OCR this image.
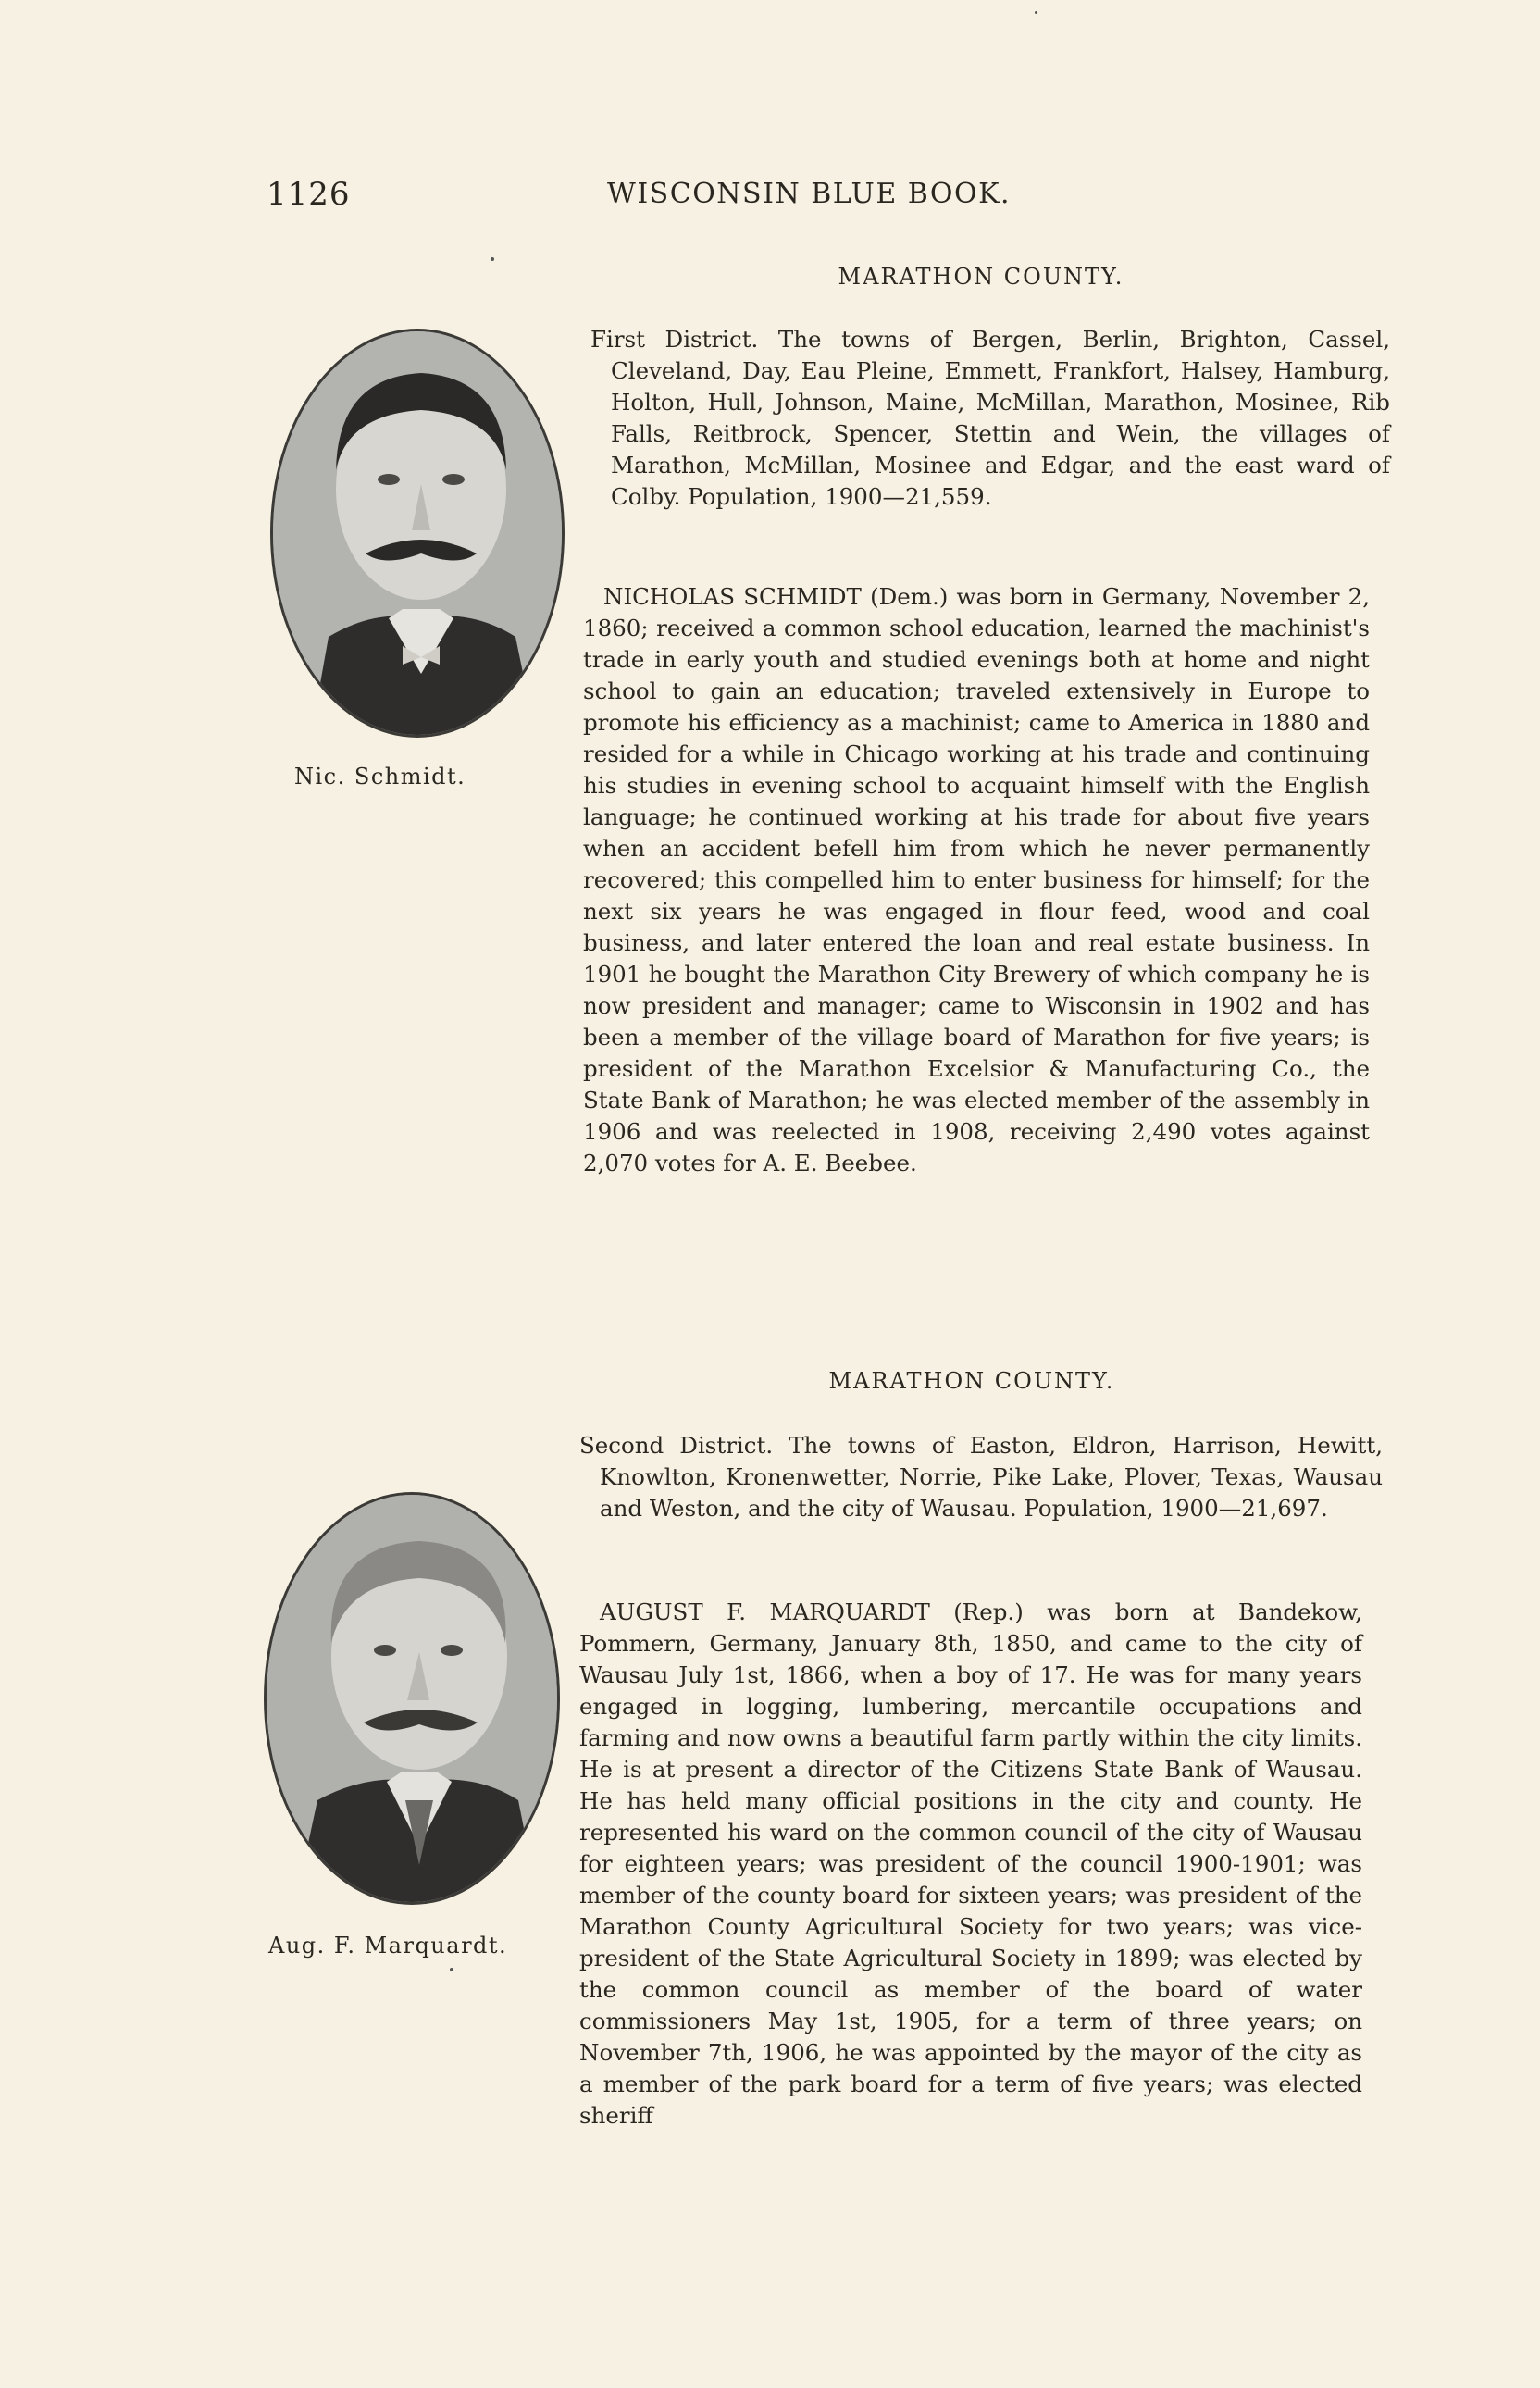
1126	WISCONSIN BLUE BOOK.
MARATHON COUNTY.
Nic. Schmidt.

First District. The towns of Bergen, Berlin, Brighton, Cassel, Cleveland, Day, Eau Pleine, Emmett, Frankfort, Halsey, Hamburg, Holton, Hull, Johnson, Maine, McMillan, Marathon, Mosinee, Rib Falls, Reitbrock, Spencer, Stettin and Wein, the villages of Marathon, McMillan, Mosinee and Edgar, and the east ward of Colby. Population, 1900—21,559.

NICHOLAS SCHMIDT (Dem.) was born in Germany, November 2, 1860; received a common school education, learned the machinist's trade in early youth and studied evenings both at home and night school to gain an education; traveled extensively in Europe to promote his efficiency as a machinist; came to America in 1880 and resided for a while in Chicago working at his trade and continuing his studies in evening school to acquaint himself with the English language; he continued working at his trade for about five years when an accident befell him from which he never permanently recovered; this compelled him to enter business for himself; for the next six years he was engaged in flour feed, wood and coal business, and later entered the loan and real estate business. In 1901 he bought the Marathon City Brewery of which company he is now president and manager; came to Wisconsin in 1902 and has been a member of the village board of Marathon for five years; is president of the Marathon Excelsior & Manufacturing Co., the State Bank of Marathon; he was elected member of the assembly in 1906 and was reelected in 1908, receiving 2,490 votes against 2,070 votes for A. E. Beebee.

MARATHON COUNTY.
Aug. F. Marquardt.

Second District. The towns of Easton, Eldron, Harrison, Hewitt, Knowlton, Kronenwetter, Norrie, Pike Lake, Plover, Texas, Wausau and Weston, and the city of Wausau. Population, 1900—21,697.

AUGUST F. MARQUARDT (Rep.) was born at Bandekow, Pommern, Germany, January 8th, 1850, and came to the city of Wausau July 1st, 1866, when a boy of 17. He was for many years engaged in logging, lumbering, mercantile occupations and farming and now owns a beautiful farm partly within the city limits. He is at present a director of the Citizens State Bank of Wausau. He has held many official positions in the city and county. He represented his ward on the common council of the city of Wausau for eighteen years; was president of the council 1900-1901; was member of the county board for sixteen years; was president of the Marathon County Agricultural Society for two years; was vice-president of the State Agricultural Society in 1899; was elected by the common council as member of the board of water commissioners May 1st, 1905, for a term of three years; on November 7th, 1906, he was appointed by the mayor of the city as a member of the park board for a term of five years; was elected sheriff
